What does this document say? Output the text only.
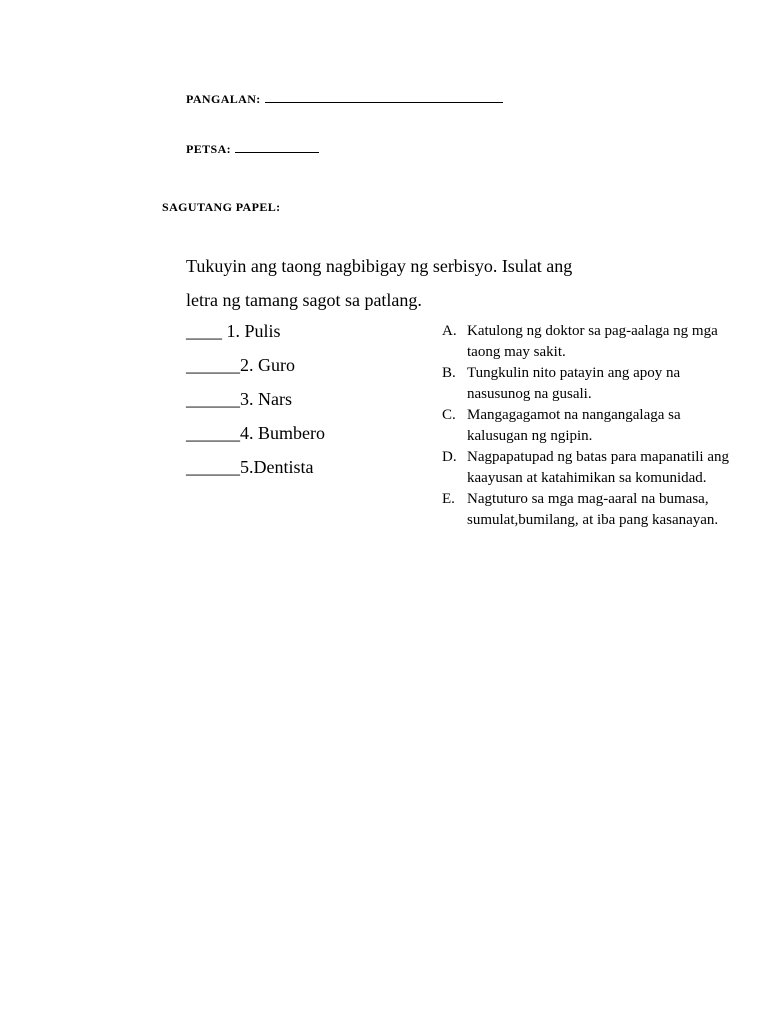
PANGALAN:
PETSA:
SAGUTANG PAPEL:

Tukuyin ang taong nagbibigay ng serbisyo. Isulat ang

letra ng tamang sagot sa patlang.

____ 1. Pulis
______2. Guro
______3. Nars
______4. Bumbero
______5.Dentista
A. Katulong ng doktor sa pag-aalaga ng mga taong may sakit.
B. Tungkulin nito patayin ang apoy na nasusunog na gusali.
C. Mangagagamot na nangangalaga sa kalusugan ng ngipin.
D. Nagpapatupad ng batas para mapanatili ang kaayusan at katahimikan sa komunidad.
E. Nagtuturo sa mga mag-aaral na bumasa, sumulat,bumilang, at iba pang kasanayan.
